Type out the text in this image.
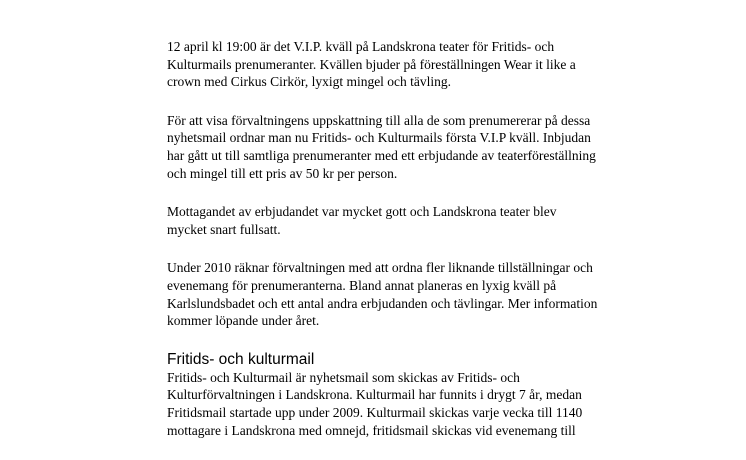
12 april kl 19:00 är det V.I.P. kväll på Landskrona teater för Fritids- och
Kulturmails prenumeranter. Kvällen bjuder på föreställningen Wear it like a
crown med Cirkus Cirkör, lyxigt mingel och tävling.

För att visa förvaltningens uppskattning till alla de som prenumererar på dessa
nyhetsmail ordnar man nu Fritids- och Kulturmails första V.I.P kväll. Inbjudan
har gått ut till samtliga prenumeranter med ett erbjudande av teaterföreställning
och mingel till ett pris av 50 kr per person.

Mottagandet av erbjudandet var mycket gott och Landskrona teater blev
mycket snart fullsatt.

Under 2010 räknar förvaltningen med att ordna fler liknande tillställningar och
evenemang för prenumeranterna. Bland annat planeras en lyxig kväll på
Karlslundsbadet och ett antal andra erbjudanden och tävlingar. Mer information
kommer löpande under året.

Fritids- och kulturmail

Fritids- och Kulturmail är nyhetsmail som skickas av Fritids- och
Kulturförvaltningen i Landskrona. Kulturmail har funnits i drygt 7 år, medan
Fritidsmail startade upp under 2009. Kulturmail skickas varje vecka till 1140
mottagare i Landskrona med omnejd, fritidsmail skickas vid evenemang till
